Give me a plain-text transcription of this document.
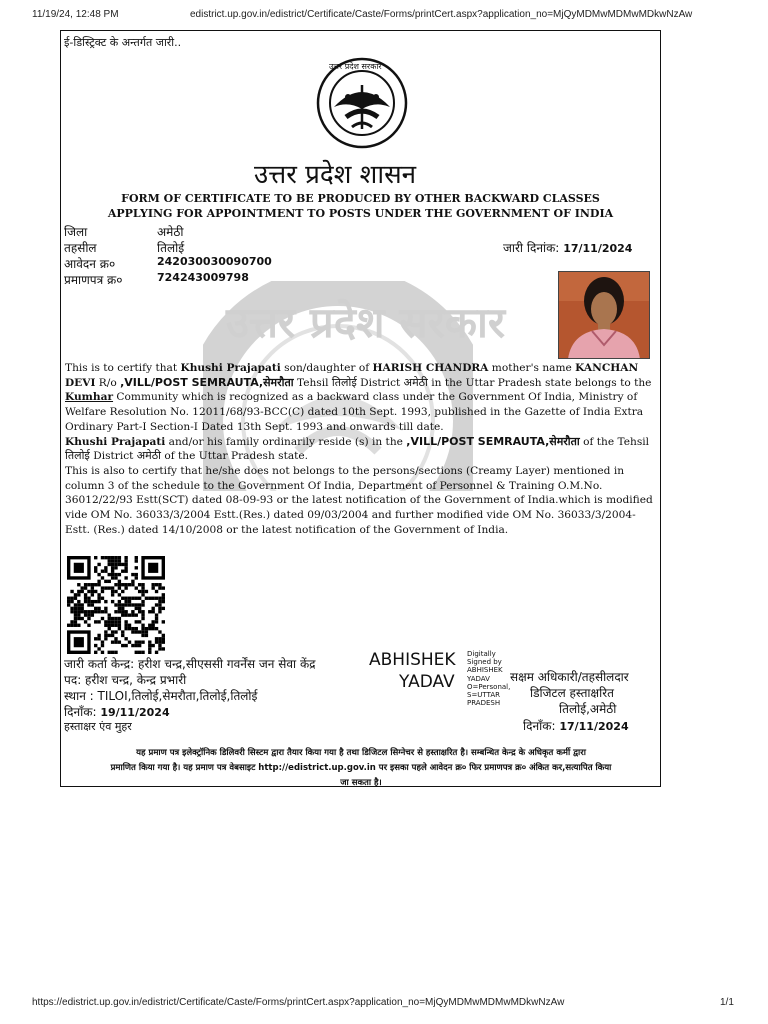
11/19/24, 12:48 PM	edistrict.up.gov.in/edistrict/Certificate/Caste/Forms/printCert.aspx?application_no=MjQyMDMwMDMwMDkwNzAw
उत्तर प्रदेश सरकार
ई-डिस्ट्रिक्ट के अन्तर्गत जारी..
उत्तर प्रदेश सरकार
उत्तर प्रदेश शासन
FORM OF CERTIFICATE TO BE PRODUCED BY OTHER BACKWARD CLASSES
APPLYING FOR APPOINTMENT TO POSTS UNDER THE GOVERNMENT OF INDIA
जिला	अमेठी
तहसील	तिलोई
आवेदन क्र०	242030030090700
प्रमाणपत्र क्र०	724243009798
जारी दिनांक: 17/11/2024

This is to certify that Khushi Prajapati son/daughter of HARISH CHANDRA mother's name KANCHAN DEVI R/o ,VILL/POST SEMRAUTA,सेमरौता Tehsil तिलोई District अमेठी in the Uttar Pradesh state belongs to the Kumhar Community which is recognized as a backward class under the Government Of India, Ministry of Welfare Resolution No. 12011/68/93-BCC(C) dated 10th Sept. 1993, published in the Gazette of India Extra Ordinary Part-I Section-I Dated 13th Sept. 1993 and onwards till date.

Khushi Prajapati and/or his family ordinarily reside (s) in the ,VILL/POST SEMRAUTA,सेमरौता of the Tehsil तिलोई District अमेठी of the Uttar Pradesh state.

This is also to certify that he/she does not belongs to the persons/sections (Creamy Layer) mentioned in column 3 of the schedule to the Government Of India, Department of Personnel & Training O.M.No. 36012/22/93 Estt(SCT) dated 08-09-93 or the latest notification of the Government of India.which is modified vide OM No. 36033/3/2004 Estt.(Res.) dated 09/03/2004 and further modified vide OM No. 36033/3/2004-Estt. (Res.) dated 14/10/2008 or the latest notification of the Government of India.

जारी कर्ता केन्द्र: हरीश चन्द्र,सीएससी गवर्नेंस जन सेवा केंद्र
पद: हरीश चन्द्र, केन्द्र प्रभारी
स्थान : TILOI,तिलोई,सेमरौता,तिलोई,तिलोई
दिनाँक: 19/11/2024
हस्ताक्षर एंव मुहर
ABHISHEK
YADAV
Digitally
Signed by
ABHISHEK
YADAV
O=Personal,
S=UTTAR
PRADESH
सक्षम अधिकारी/तहसीलदार
डिजिटल हस्ताक्षरित
तिलोई,अमेठी
दिनाँक: 17/11/2024
यह प्रमाण पत्र इलेक्ट्रॉनिक डिलिवरी सिस्टम द्वारा तैयार किया गया है तथा डिजिटल सिग्नेचर से हस्ताक्षरित है। सम्बन्धित केन्द्र के अधिकृत कर्मी द्वारा
प्रमाणित किया गया है। यह प्रमाण पत्र वेबसाइट http://edistrict.up.gov.in पर इसका पहले आवेदन क्र० फिर प्रमाणपत्र क्र० अंकित कर,सत्यापित किया
जा सकता है।
https://edistrict.up.gov.in/edistrict/Certificate/Caste/Forms/printCert.aspx?application_no=MjQyMDMwMDMwMDkwNzAw	1/1
